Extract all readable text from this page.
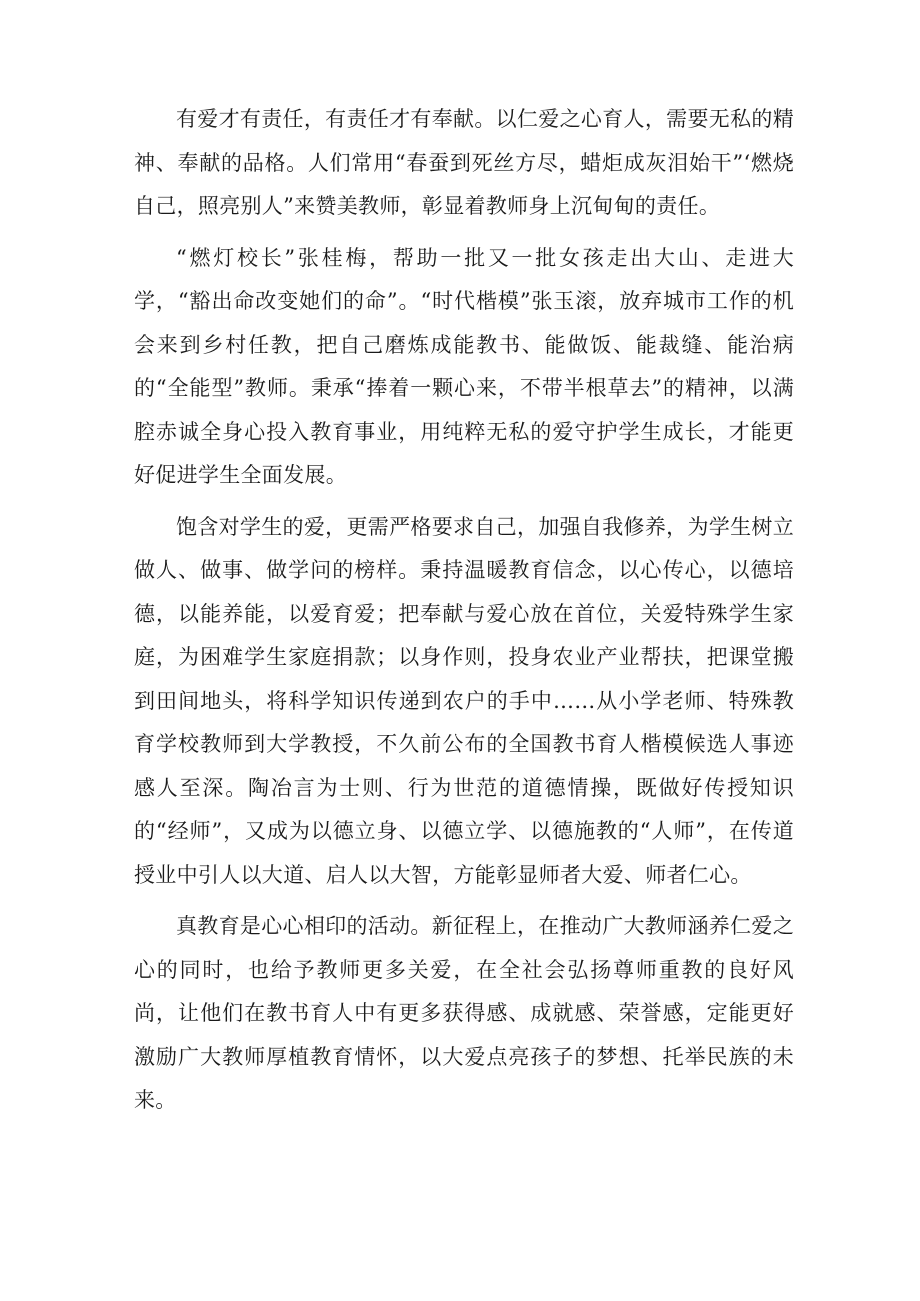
有爱才有责任，有责任才有奉献。以仁爱之心育人，需要无私的精神、奉献的品格。人们常用“春蚕到死丝方尽，蜡炬成灰泪始干”‘燃烧自己，照亮别人”来赞美教师，彰显着教师身上沉甸甸的责任。

“燃灯校长”张桂梅，帮助一批又一批女孩走出大山、走进大学，“豁出命改变她们的命”。“时代楷模”张玉滚，放弃城市工作的机会来到乡村任教，把自己磨炼成能教书、能做饭、能裁缝、能治病的“全能型”教师。秉承“捧着一颗心来，不带半根草去”的精神，以满腔赤诚全身心投入教育事业，用纯粹无私的爱守护学生成长，才能更好促进学生全面发展。

饱含对学生的爱，更需严格要求自己，加强自我修养，为学生树立做人、做事、做学问的榜样。秉持温暖教育信念，以心传心，以德培德，以能养能，以爱育爱；把奉献与爱心放在首位，关爱特殊学生家庭，为困难学生家庭捐款；以身作则，投身农业产业帮扶，把课堂搬到田间地头，将科学知识传递到农户的手中……从小学老师、特殊教育学校教师到大学教授，不久前公布的全国教书育人楷模候选人事迹感人至深。陶冶言为士则、行为世范的道德情操，既做好传授知识的“经师”，又成为以德立身、以德立学、以德施教的“人师”，在传道授业中引人以大道、启人以大智，方能彰显师者大爱、师者仁心。

真教育是心心相印的活动。新征程上，在推动广大教师涵养仁爱之心的同时，也给予教师更多关爱，在全社会弘扬尊师重教的良好风尚，让他们在教书育人中有更多获得感、成就感、荣誉感，定能更好激励广大教师厚植教育情怀，以大爱点亮孩子的梦想、托举民族的未来。
